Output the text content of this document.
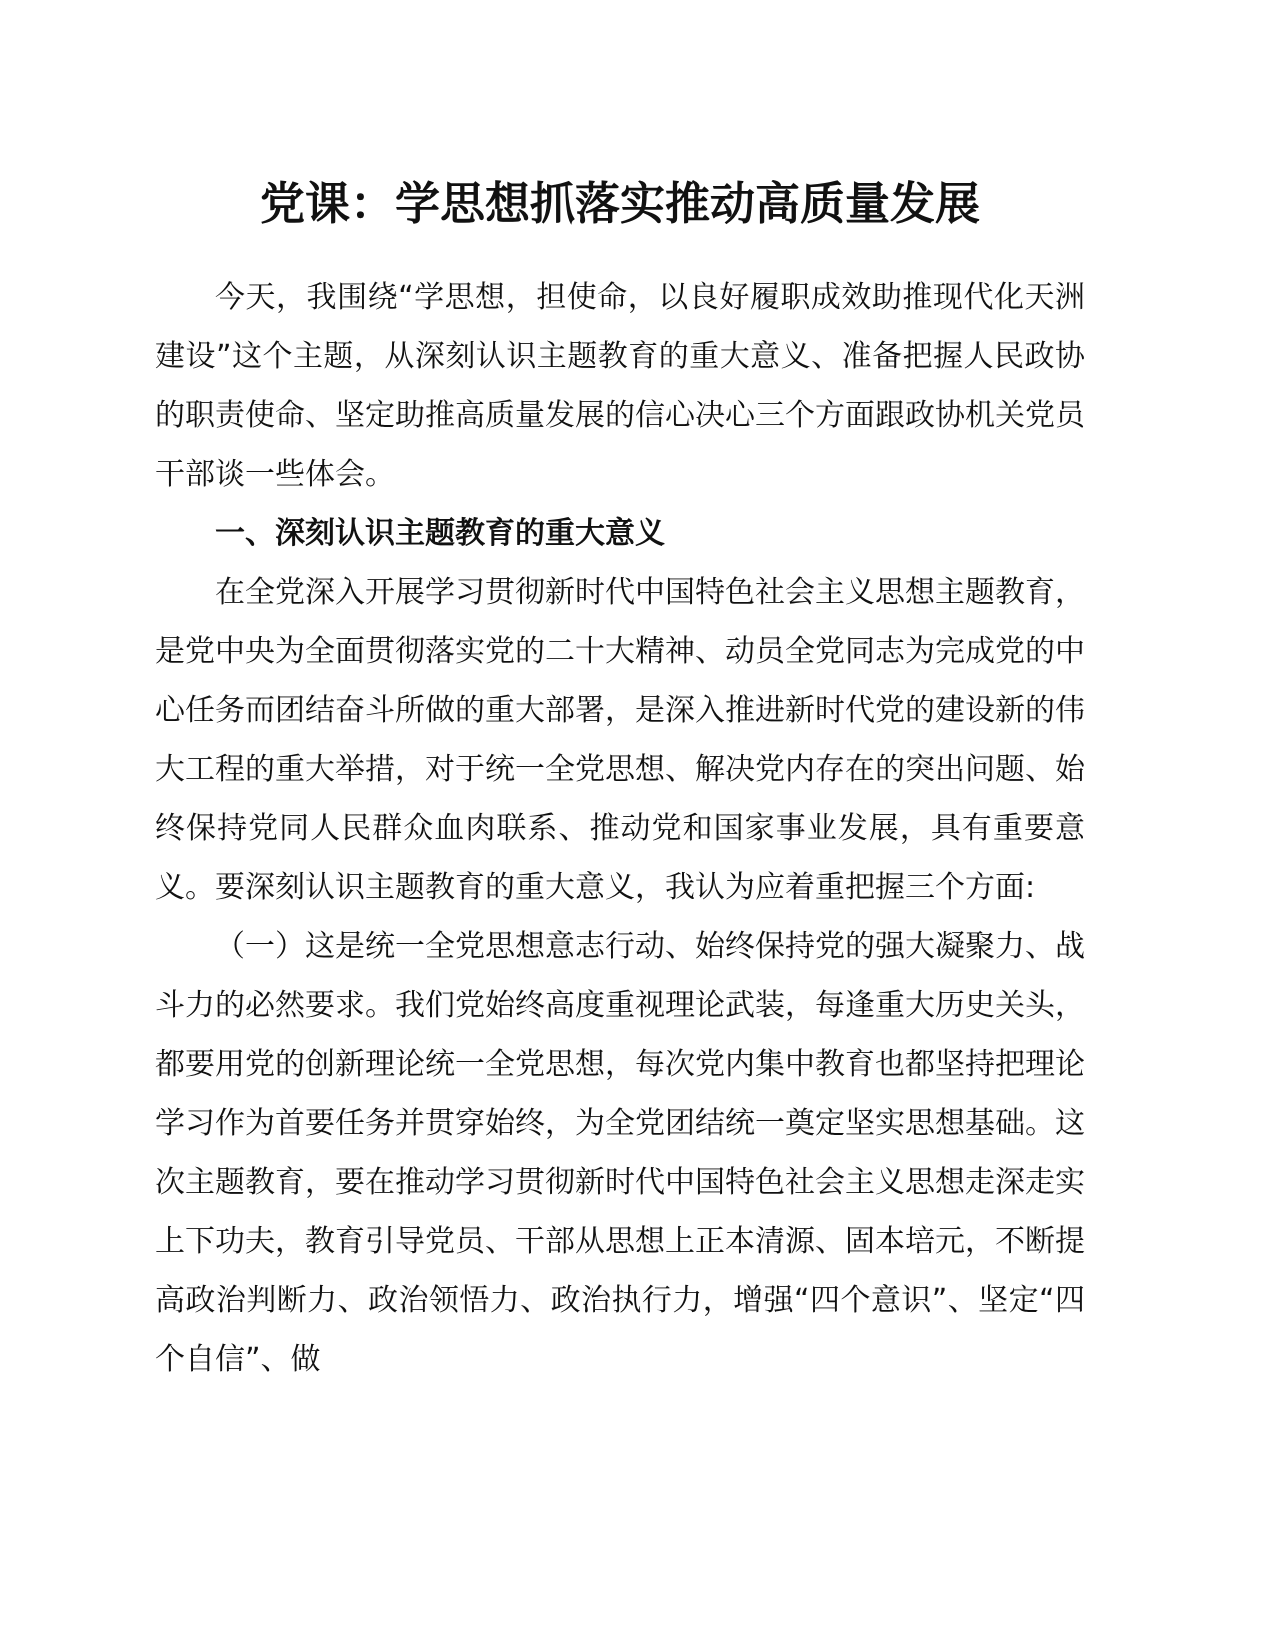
党课：学思想抓落实推动高质量发展

今天，我围绕“学思想，担使命，以良好履职成效助推现代化天洲建设”这个主题，从深刻认识主题教育的重大意义、准备把握人民政协的职责使命、坚定助推高质量发展的信心决心三个方面跟政协机关党员干部谈一些体会。

一、深刻认识主题教育的重大意义

在全党深入开展学习贯彻新时代中国特色社会主义思想主题教育，是党中央为全面贯彻落实党的二十大精神、动员全党同志为完成党的中心任务而团结奋斗所做的重大部署，是深入推进新时代党的建设新的伟大工程的重大举措，对于统一全党思想、解决党内存在的突出问题、始终保持党同人民群众血肉联系、推动党和国家事业发展，具有重要意义。要深刻认识主题教育的重大意义，我认为应着重把握三个方面:

（一）这是统一全党思想意志行动、始终保持党的强大凝聚力、战斗力的必然要求。我们党始终高度重视理论武装，每逢重大历史关头，都要用党的创新理论统一全党思想，每次党内集中教育也都坚持把理论学习作为首要任务并贯穿始终，为全党团结统一奠定坚实思想基础。这次主题教育，要在推动学习贯彻新时代中国特色社会主义思想走深走实上下功夫，教育引导党员、干部从思想上正本清源、固本培元，不断提高政治判断力、政治领悟力、政治执行力，增强“四个意识”、坚定“四个自信”、做
